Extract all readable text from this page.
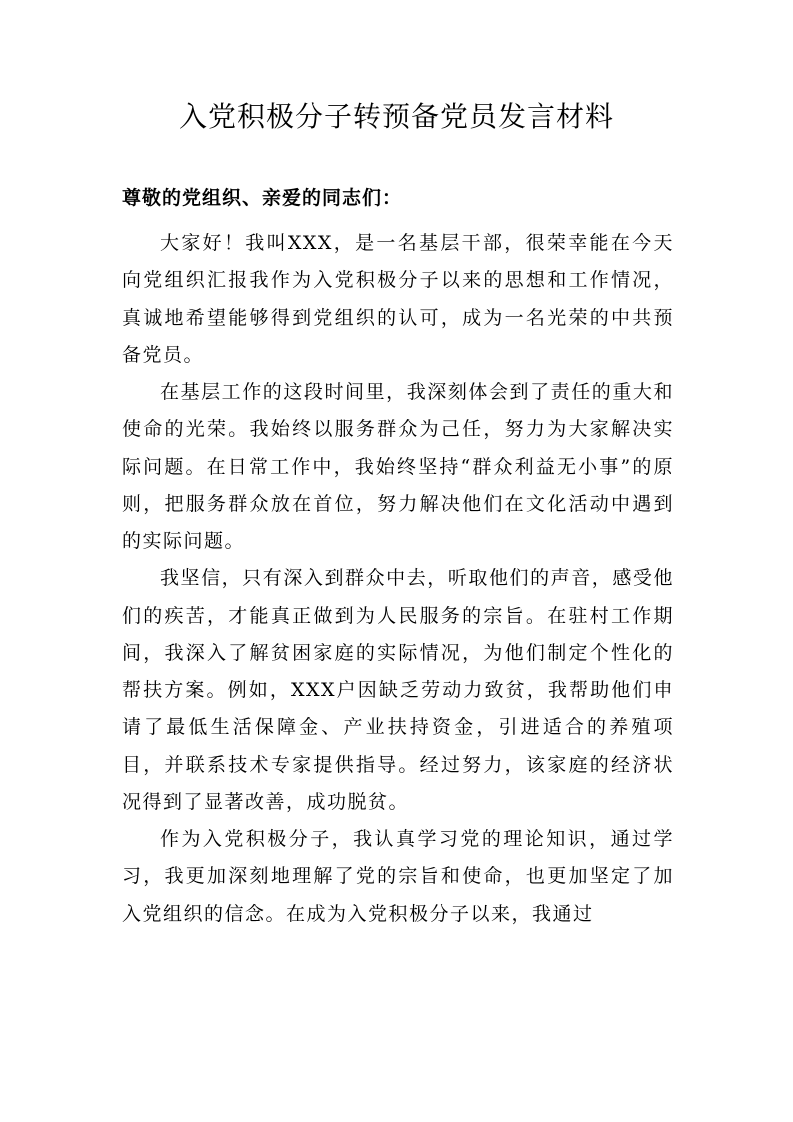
入党积极分子转预备党员发言材料

尊敬的党组织、亲爱的同志们：

大家好！我叫XXX，是一名基层干部，很荣幸能在今天向党组织汇报我作为入党积极分子以来的思想和工作情况，真诚地希望能够得到党组织的认可，成为一名光荣的中共预备党员。

在基层工作的这段时间里，我深刻体会到了责任的重大和使命的光荣。我始终以服务群众为己任，努力为大家解决实际问题。在日常工作中，我始终坚持“群众利益无小事”的原则，把服务群众放在首位，努力解决他们在文化活动中遇到的实际问题。

我坚信，只有深入到群众中去，听取他们的声音，感受他们的疾苦，才能真正做到为人民服务的宗旨。在驻村工作期间，我深入了解贫困家庭的实际情况，为他们制定个性化的帮扶方案。例如，XXX户因缺乏劳动力致贫，我帮助他们申请了最低生活保障金、产业扶持资金，引进适合的养殖项目，并联系技术专家提供指导。经过努力，该家庭的经济状况得到了显著改善，成功脱贫。

作为入党积极分子，我认真学习党的理论知识，通过学习，我更加深刻地理解了党的宗旨和使命，也更加坚定了加入党组织的信念。在成为入党积极分子以来，我通过
